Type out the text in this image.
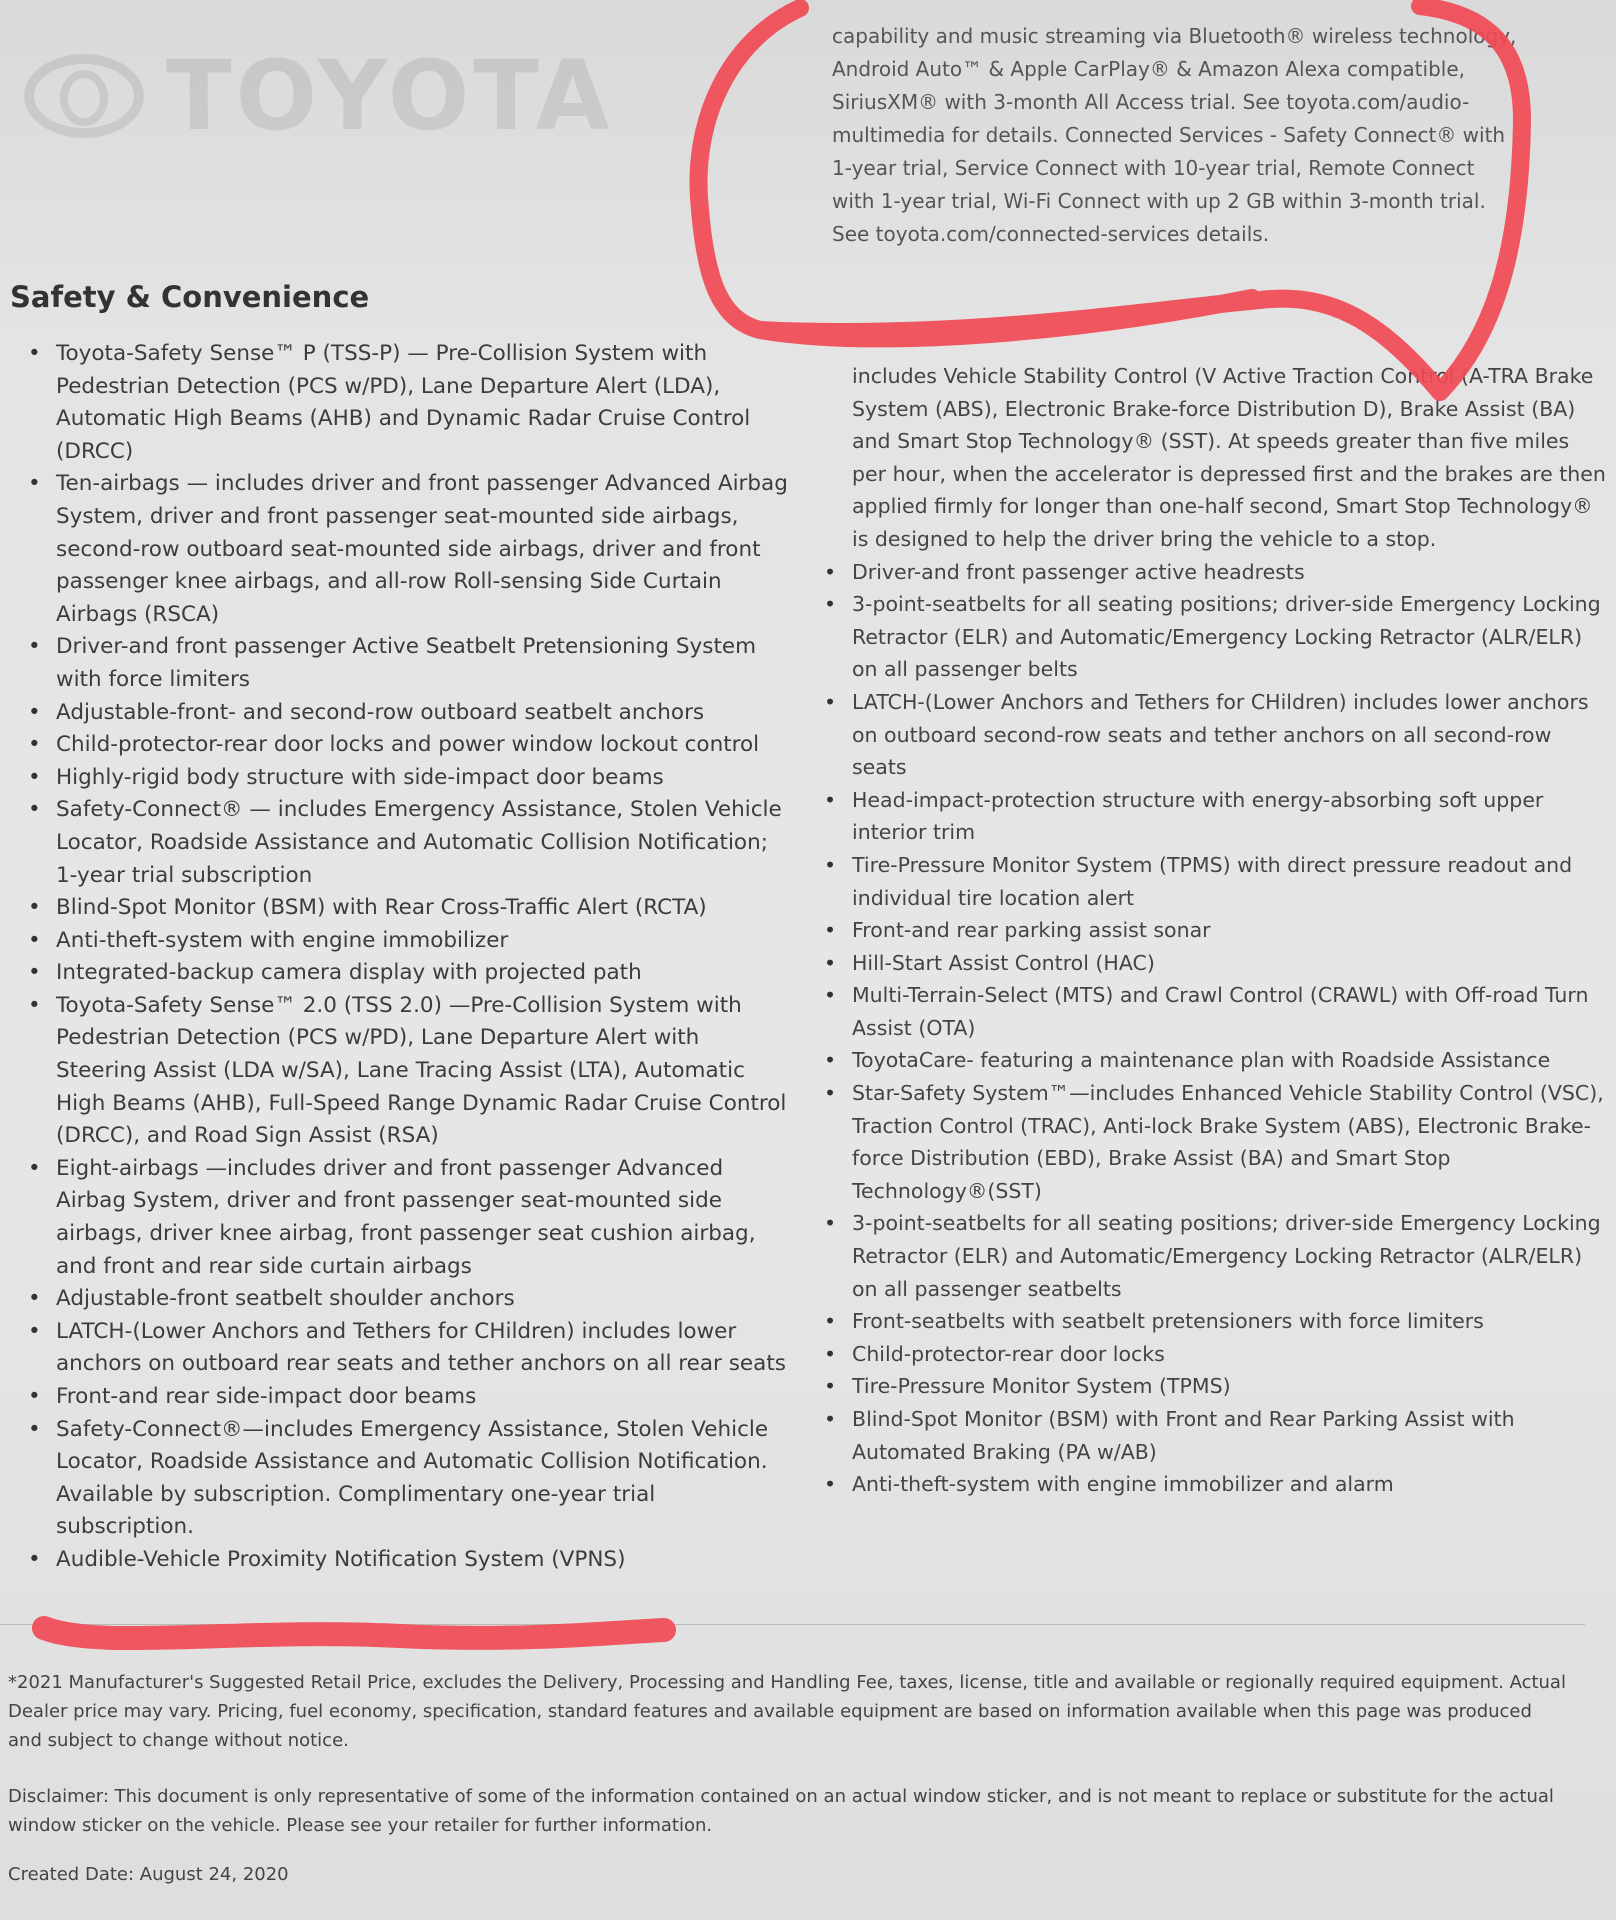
TOYOTA

capability and music streaming via Bluetooth® wireless technology, Android Auto™ & Apple CarPlay® & Amazon Alexa compatible, SiriusXM® with 3-month All Access trial. See toyota.com/audio-multimedia for details. Connected Services - Safety Connect® with 1-year trial, Service Connect with 10-year trial, Remote Connect with 1-year trial, Wi-Fi Connect with up 2 GB within 3-month trial. See toyota.com/connected-services details.

Safety & Convenience
• Toyota-Safety Sense™ P (TSS-P) — Pre-Collision System with Pedestrian Detection (PCS w/PD), Lane Departure Alert (LDA), Automatic High Beams (AHB) and Dynamic Radar Cruise Control (DRCC)
• Ten-airbags — includes driver and front passenger Advanced Airbag System, driver and front passenger seat-mounted side airbags, second-row outboard seat-mounted side airbags, driver and front passenger knee airbags, and all-row Roll-sensing Side Curtain Airbags (RSCA)
• Driver-and front passenger Active Seatbelt Pretensioning System with force limiters
• Adjustable-front- and second-row outboard seatbelt anchors
• Child-protector-rear door locks and power window lockout control
• Highly-rigid body structure with side-impact door beams
• Safety-Connect® — includes Emergency Assistance, Stolen Vehicle Locator, Roadside Assistance and Automatic Collision Notification; 1-year trial subscription
• Blind-Spot Monitor (BSM) with Rear Cross-Traffic Alert (RCTA)
• Anti-theft-system with engine immobilizer
• Integrated-backup camera display with projected path
• Toyota-Safety Sense™ 2.0 (TSS 2.0) —Pre-Collision System with Pedestrian Detection (PCS w/PD), Lane Departure Alert with Steering Assist (LDA w/SA), Lane Tracing Assist (LTA), Automatic High Beams (AHB), Full-Speed Range Dynamic Radar Cruise Control (DRCC), and Road Sign Assist (RSA)
• Eight-airbags —includes driver and front passenger Advanced Airbag System, driver and front passenger seat-mounted side airbags, driver knee airbag, front passenger seat cushion airbag, and front and rear side curtain airbags
• Adjustable-front seatbelt shoulder anchors
• LATCH-(Lower Anchors and Tethers for CHildren) includes lower anchors on outboard rear seats and tether anchors on all rear seats
• Front-and rear side-impact door beams
• Safety-Connect®—includes Emergency Assistance, Stolen Vehicle Locator, Roadside Assistance and Automatic Collision Notification. Available by subscription. Complimentary one-year trial subscription.
• Audible-Vehicle Proximity Notification System (VPNS)
includes Vehicle Stability Control (V Active Traction Control (A-TRA Brake System (ABS), Electronic Brake-force Distribution D), Brake Assist (BA) and Smart Stop Technology® (SST). At speeds greater than five miles per hour, when the accelerator is depressed first and the brakes are then applied firmly for longer than one-half second, Smart Stop Technology® is designed to help the driver bring the vehicle to a stop.
• Driver-and front passenger active headrests
• 3-point-seatbelts for all seating positions; driver-side Emergency Locking Retractor (ELR) and Automatic/Emergency Locking Retractor (ALR/ELR) on all passenger belts
• LATCH-(Lower Anchors and Tethers for CHildren) includes lower anchors on outboard second-row seats and tether anchors on all second-row seats
• Head-impact-protection structure with energy-absorbing soft upper interior trim
• Tire-Pressure Monitor System (TPMS) with direct pressure readout and individual tire location alert
• Front-and rear parking assist sonar
• Hill-Start Assist Control (HAC)
• Multi-Terrain-Select (MTS) and Crawl Control (CRAWL) with Off-road Turn Assist (OTA)
• ToyotaCare- featuring a maintenance plan with Roadside Assistance
• Star-Safety System™—includes Enhanced Vehicle Stability Control (VSC), Traction Control (TRAC), Anti-lock Brake System (ABS), Electronic Brake-force Distribution (EBD), Brake Assist (BA) and Smart Stop Technology®(SST)
• 3-point-seatbelts for all seating positions; driver-side Emergency Locking Retractor (ELR) and Automatic/Emergency Locking Retractor (ALR/ELR) on all passenger seatbelts
• Front-seatbelts with seatbelt pretensioners with force limiters
• Child-protector-rear door locks
• Tire-Pressure Monitor System (TPMS)
• Blind-Spot Monitor (BSM) with Front and Rear Parking Assist with Automated Braking (PA w/AB)
• Anti-theft-system with engine immobilizer and alarm

*2021 Manufacturer's Suggested Retail Price, excludes the Delivery, Processing and Handling Fee, taxes, license, title and available or regionally required equipment. Actual Dealer price may vary. Pricing, fuel economy, specification, standard features and available equipment are based on information available when this page was produced and subject to change without notice.

Disclaimer: This document is only representative of some of the information contained on an actual window sticker, and is not meant to replace or substitute for the actual window sticker on the vehicle. Please see your retailer for further information.

Created Date: August 24, 2020
